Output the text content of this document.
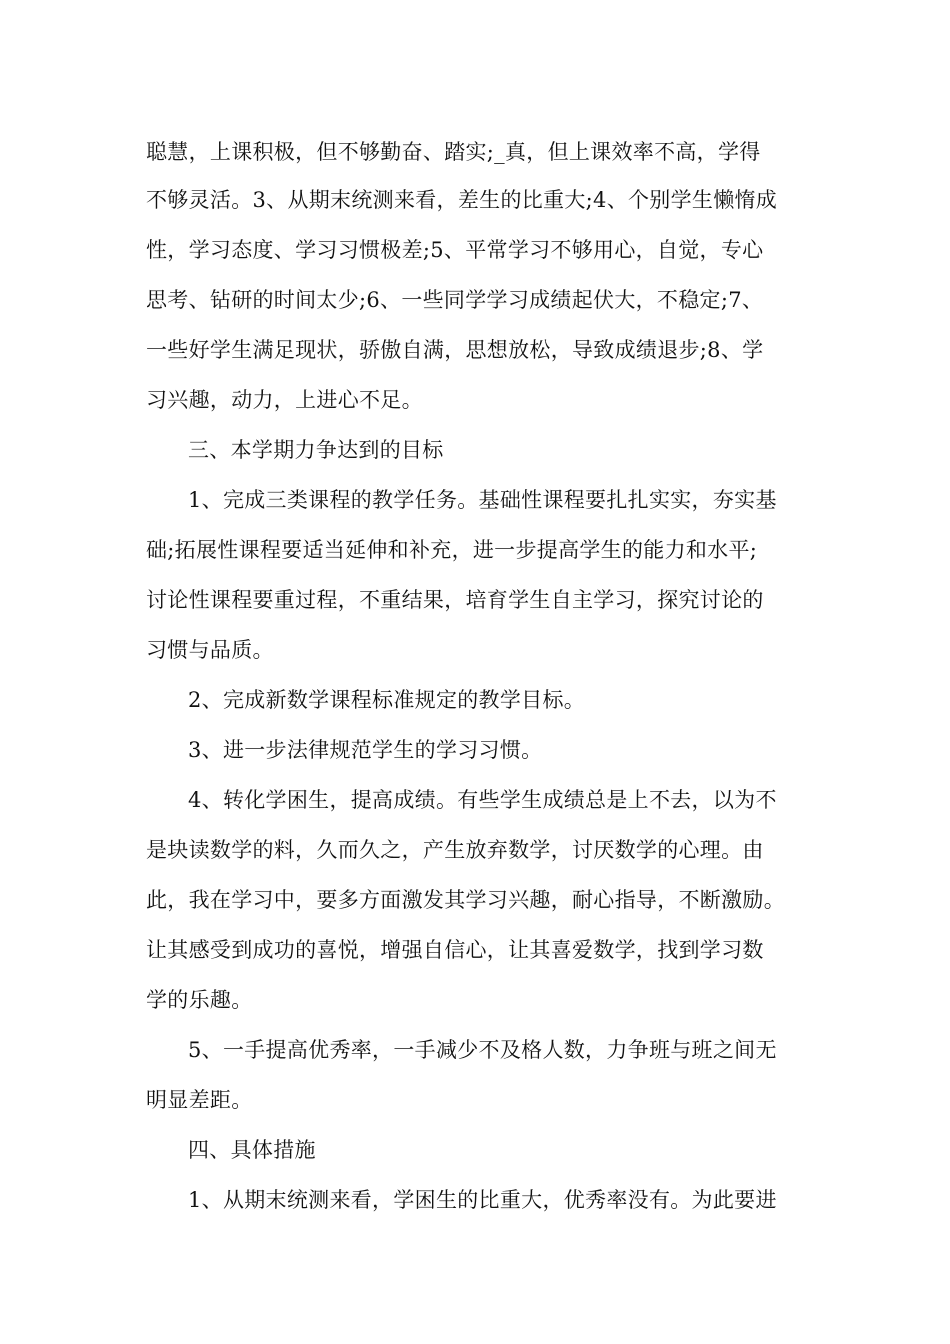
聪慧，上课积极，但不够勤奋、踏实;_真，但上课效率不高，学得
不够灵活。3、从期末统测来看，差生的比重大;4、个别学生懒惰成
性，学习态度、学习习惯极差;5、平常学习不够用心，自觉，专心
思考、钻研的时间太少;6、一些同学学习成绩起伏大，不稳定;7、
一些好学生满足现状，骄傲自满，思想放松，导致成绩退步;8、学
习兴趣，动力，上进心不足。
三、本学期力争达到的目标
1、完成三类课程的教学任务。基础性课程要扎扎实实，夯实基
础;拓展性课程要适当延伸和补充，进一步提高学生的能力和水平;
讨论性课程要重过程，不重结果，培育学生自主学习，探究讨论的
习惯与品质。
2、完成新数学课程标准规定的教学目标。
3、进一步法律规范学生的学习习惯。
4、转化学困生，提高成绩。有些学生成绩总是上不去，以为不
是块读数学的料，久而久之，产生放弃数学，讨厌数学的心理。由
此，我在学习中，要多方面激发其学习兴趣，耐心指导，不断激励。
让其感受到成功的喜悦，增强自信心，让其喜爱数学，找到学习数
学的乐趣。
5、一手提高优秀率，一手减少不及格人数，力争班与班之间无
明显差距。
四、具体措施
1、从期末统测来看，学困生的比重大，优秀率没有。为此要进
